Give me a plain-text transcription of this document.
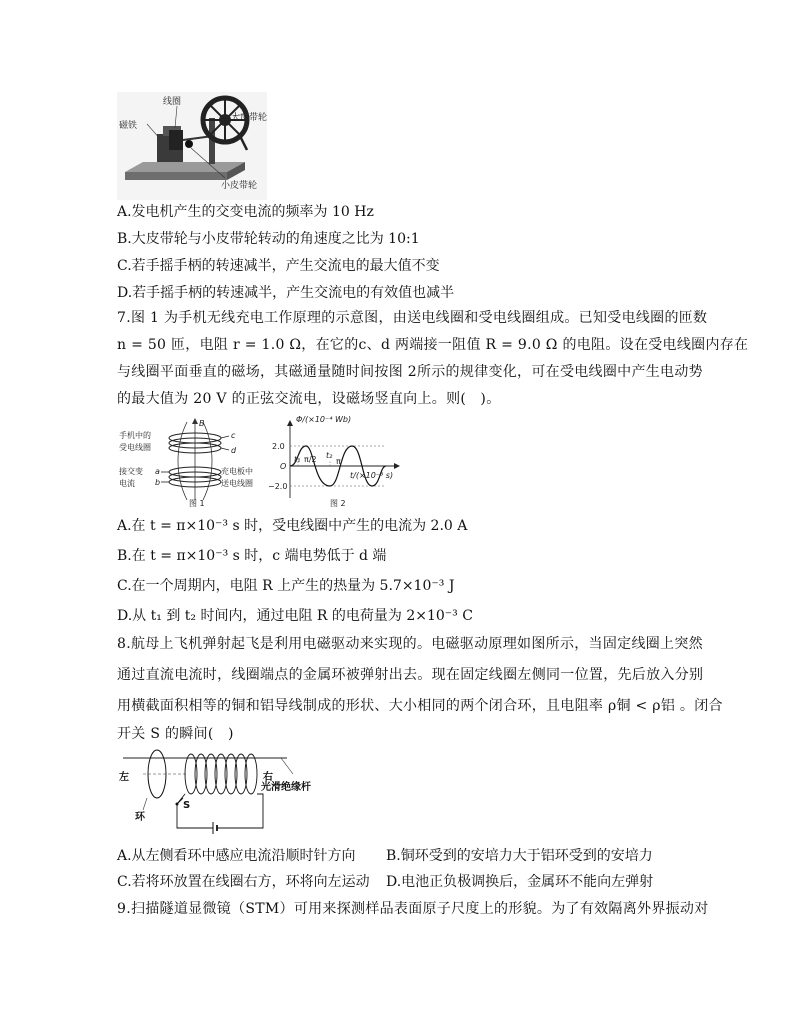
线圈
大皮带轮
磁铁
小皮带轮
A.发电机产生的交变电流的频率为 10 Hz
B.大皮带轮与小皮带轮转动的角速度之比为 10:1
C.若手摇手柄的转速减半，产生交流电的最大值不变
D.若手摇手柄的转速减半，产生交流电的有效值也减半
7.图 1 为手机无线充电工作原理的示意图，由送电线圈和受电线圈组成。已知受电线圈的匝数
n = 50 匝，电阻 r = 1.0 Ω，在它的c、d 两端接一阻值 R = 9.0 Ω 的电阻。设在受电线圈内存在
与线圈平面垂直的磁场，其磁通量随时间按图 2所示的规律变化，可在受电线圈中产生电动势
的最大值为 20 V 的正弦交流电，设磁场竖直向上。则(　)。
手机中的
受电线圈
接交变
电流
充电板中
送电线圈
B
c
d
a
b
图 1
Φ/(×10⁻⁴ Wb)
2.0
O
−2.0
t₁ π/2 t₂
π
t/(×10⁻³ s)
图 2
A.在 t = π×10⁻³ s 时，受电线圈中产生的电流为 2.0 A
B.在 t = π×10⁻³ s 时，c 端电势低于 d 端
C.在一个周期内，电阻 R 上产生的热量为 5.7×10⁻³ J
D.从 t₁ 到 t₂ 时间内，通过电阻 R 的电荷量为 2×10⁻³ C
8.航母上飞机弹射起飞是利用电磁驱动来实现的。电磁驱动原理如图所示，当固定线圈上突然
通过直流电流时，线圈端点的金属环被弹射出去。现在固定线圈左侧同一位置，先后放入分别
用横截面积相等的铜和铝导线制成的形状、大小相同的两个闭合环，且电阻率 ρ铜 < ρ铝 。闭合
开关 S 的瞬间(　)
左	右
光滑绝缘杆
环
S
A.从左侧看环中感应电流沿顺时针方向 B.铜环受到的安培力大于铝环受到的安培力
C.若将环放置在线圈右方，环将向左运动 D.电池正负极调换后，金属环不能向左弹射
9.扫描隧道显微镜（STM）可用来探测样品表面原子尺度上的形貌。为了有效隔离外界振动对
